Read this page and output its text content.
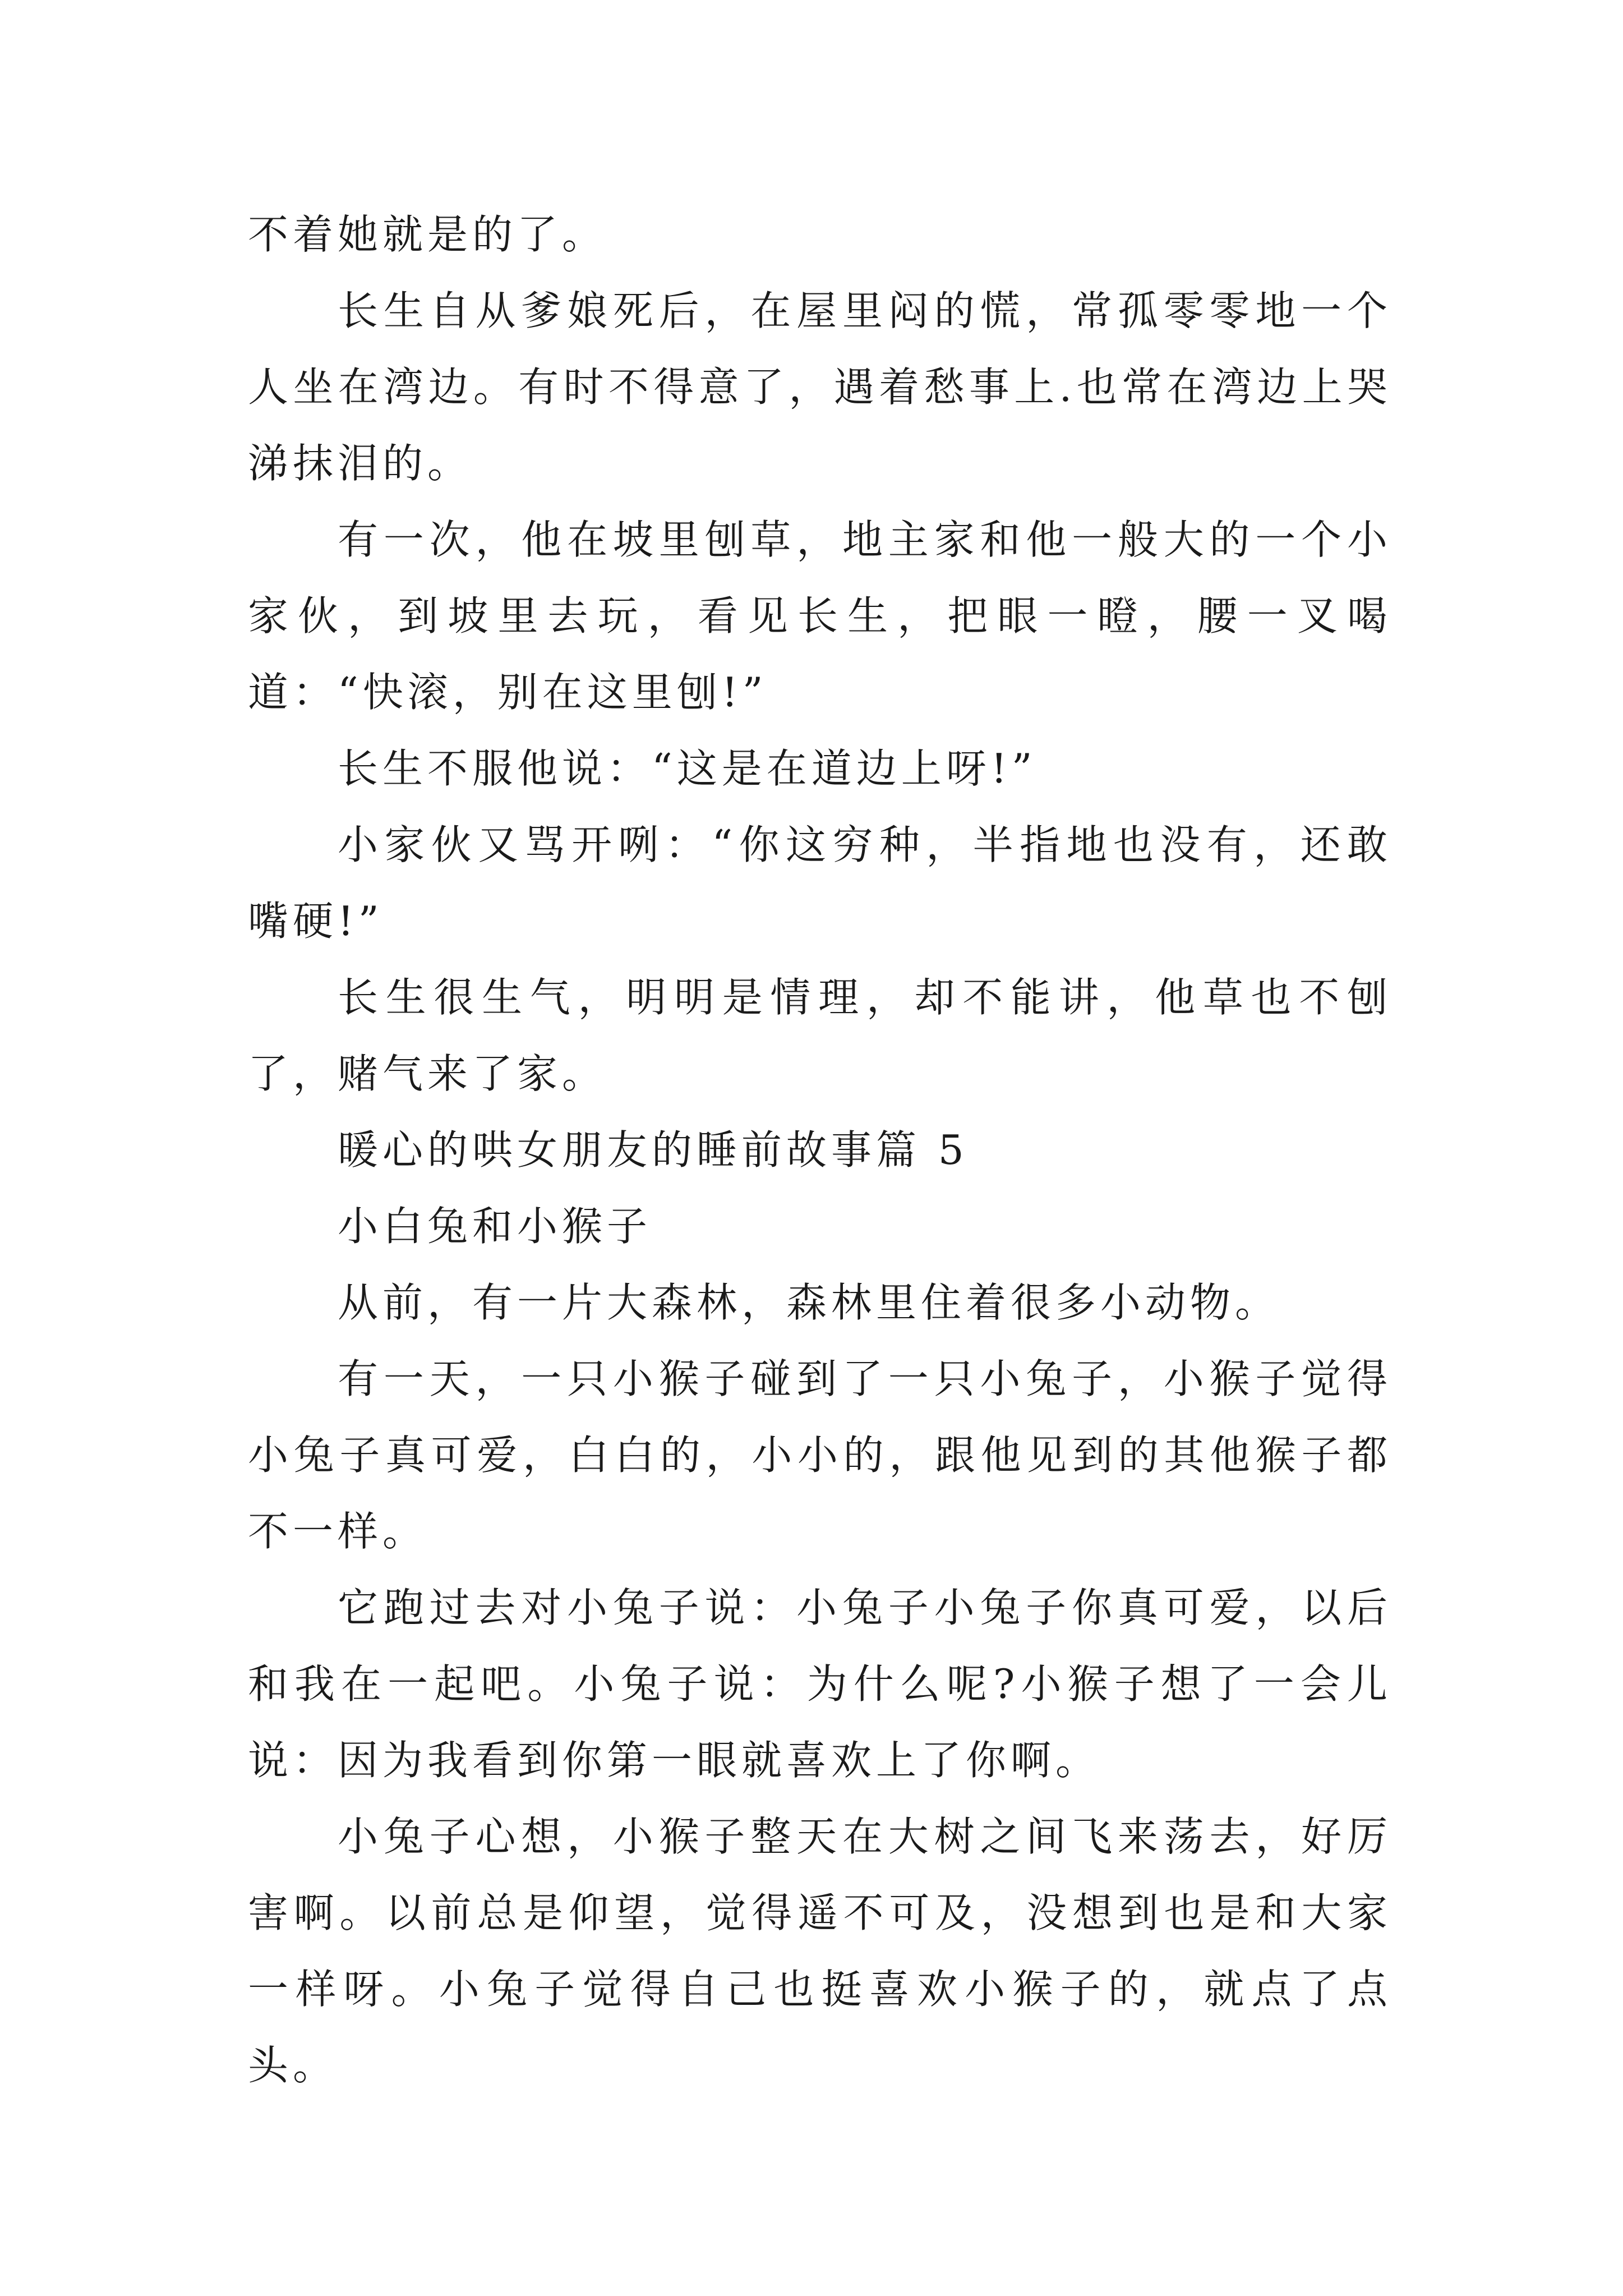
不着她就是的了。

长生自从爹娘死后，在屋里闷的慌，常孤零零地一个人坐在湾边。有时不得意了，遇着愁事上.也常在湾边上哭涕抹泪的。

有一次，他在坡里刨草，地主家和他一般大的一个小家伙，到坡里去玩，看见长生，把眼一瞪，腰一叉喝道：“快滚，别在这里刨!”

长生不服他说：“这是在道边上呀!”

小家伙又骂开咧：“你这穷种，半指地也没有，还敢嘴硬!”

长生很生气，明明是情理，却不能讲，他草也不刨了，赌气来了家。

暖心的哄女朋友的睡前故事篇 5

小白兔和小猴子

从前，有一片大森林，森林里住着很多小动物。

有一天，一只小猴子碰到了一只小兔子，小猴子觉得小兔子真可爱，白白的，小小的，跟他见到的其他猴子都不一样。

它跑过去对小兔子说：小兔子小兔子你真可爱，以后和我在一起吧。小兔子说：为什么呢?小猴子想了一会儿说：因为我看到你第一眼就喜欢上了你啊。

小兔子心想，小猴子整天在大树之间飞来荡去，好厉害啊。以前总是仰望，觉得遥不可及，没想到也是和大家一样呀。小兔子觉得自己也挺喜欢小猴子的，就点了点头。
